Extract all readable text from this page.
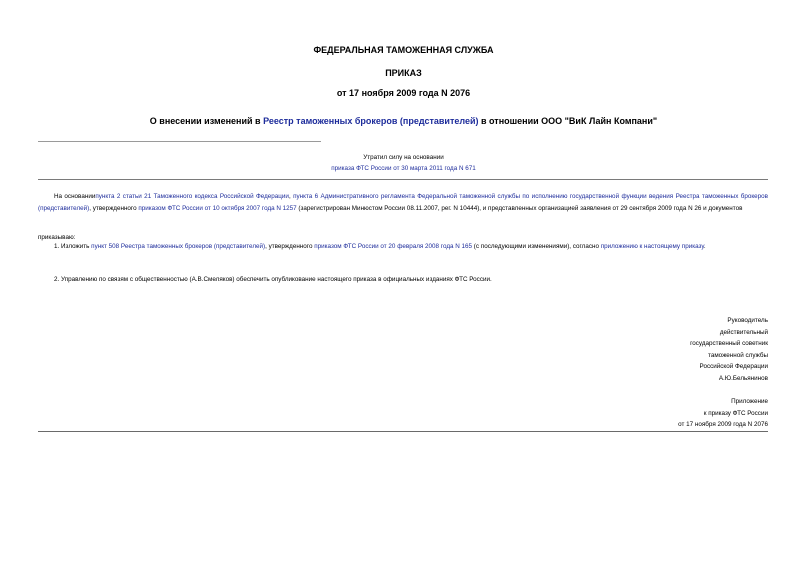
ФЕДЕРАЛЬНАЯ ТАМОЖЕННАЯ СЛУЖБА
ПРИКАЗ
от 17 ноября 2009 года N 2076
О внесении изменений в Реестр таможенных брокеров (представителей) в отношении ООО "ВиК Лайн Компани"
Утратил силу на основании
приказа ФТС России от 30 марта 2011 года N 671
На основаниипункта 2 статьи 21 Таможенного кодекса Российской Федерации, пункта 6 Административного регламента Федеральной таможенной службы по исполнению государственной функции ведения Реестра таможенных брокеров (представителей), утвержденного приказом ФТС России от 10 октября 2007 года N 1257 (зарегистрирован Минюстом России 08.11.2007, рег. N 10444), и представленных организацией заявления от 29 сентября 2009 года N 26 и документов
приказываю:
1. Изложить пункт 508 Реестра таможенных брокеров (представителей), утвержденного приказом ФТС России от 20 февраля 2008 года N 165 (с последующими изменениями), согласно приложению к настоящему приказу.
2. Управлению по связям с общественностью (А.В.Смеляков) обеспечить опубликование настоящего приказа в официальных изданиях ФТС России.
Руководитель
действительный
государственный советник
таможенной службы
Российской Федерации
А.Ю.Бельянинов
Приложение
к приказу ФТС России
от 17 ноября 2009 года N 2076
